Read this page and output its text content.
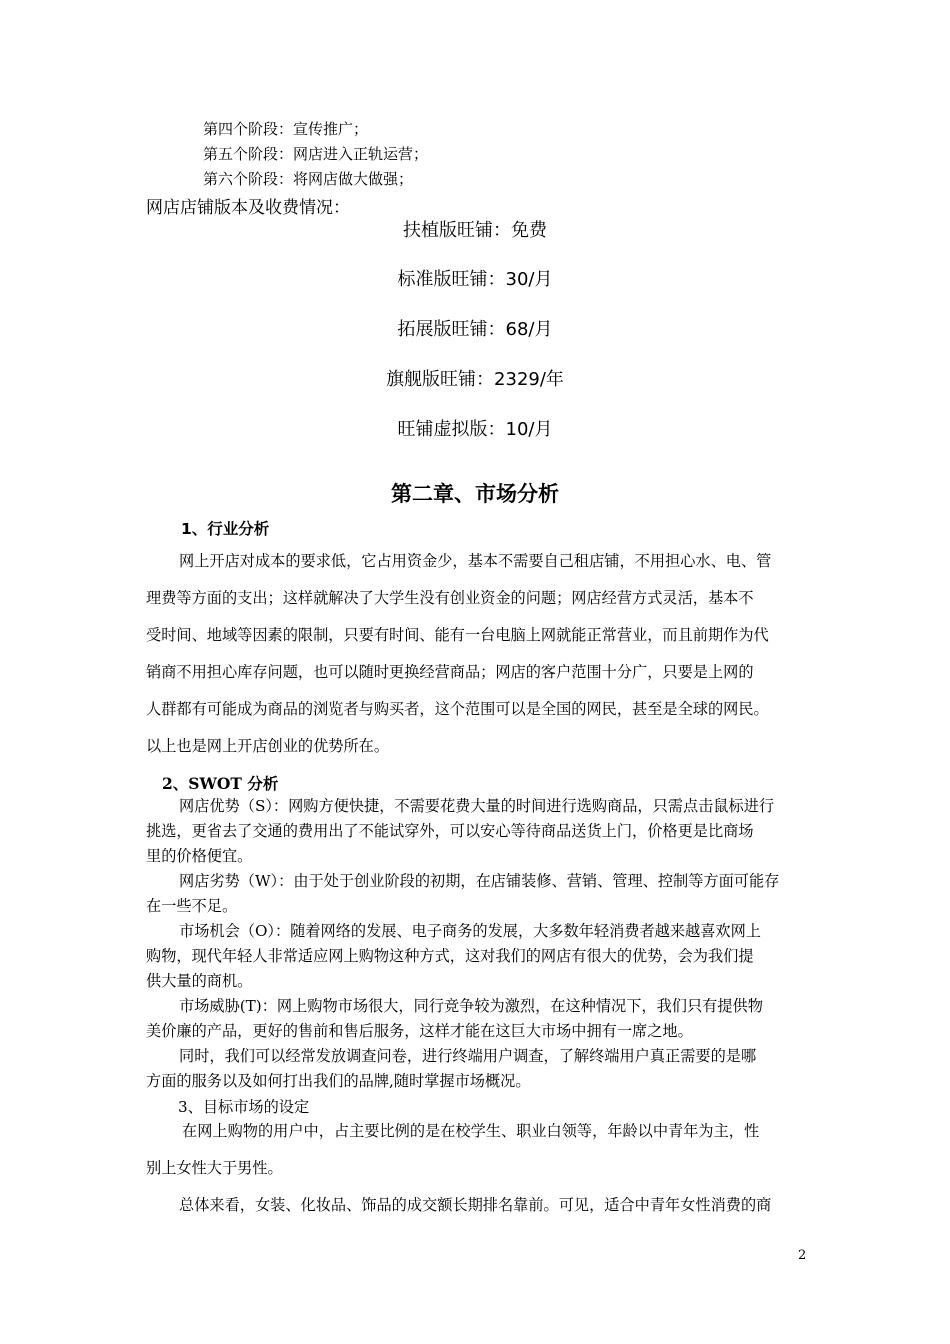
第四个阶段：宣传推广；
第五个阶段：网店进入正轨运营；
第六个阶段：将网店做大做强；
网店店铺版本及收费情况：
扶植版旺铺：免费
标准版旺铺：30/月
拓展版旺铺：68/月
旗舰版旺铺：2329/年
旺铺虚拟版：10/月
第二章、市场分析
1、行业分析
网上开店对成本的要求低，它占用资金少，基本不需要自己租店铺，不用担心水、电、管
理费等方面的支出；这样就解决了大学生没有创业资金的问题；网店经营方式灵活，基本不
受时间、地域等因素的限制，只要有时间、能有一台电脑上网就能正常营业，而且前期作为代
销商不用担心库存问题，也可以随时更换经营商品；网店的客户范围十分广，只要是上网的
人群都有可能成为商品的浏览者与购买者，这个范围可以是全国的网民，甚至是全球的网民。
以上也是网上开店创业的优势所在。
2、SWOT 分析
网店优势（S）：网购方便快捷，不需要花费大量的时间进行选购商品，只需点击鼠标进行
挑选，更省去了交通的费用出了不能试穿外，可以安心等待商品送货上门，价格更是比商场
里的价格便宜。
网店劣势（W）：由于处于创业阶段的初期，在店铺装修、营销、管理、控制等方面可能存
在一些不足。
市场机会（O）：随着网络的发展、电子商务的发展，大多数年轻消费者越来越喜欢网上
购物，现代年轻人非常适应网上购物这种方式，这对我们的网店有很大的优势，会为我们提
供大量的商机。
市场威胁(T)：网上购物市场很大，同行竞争较为激烈，在这种情况下，我们只有提供物
美价廉的产品，更好的售前和售后服务，这样才能在这巨大市场中拥有一席之地。
同时，我们可以经常发放调查问卷，进行终端用户调查，了解终端用户真正需要的是哪
方面的服务以及如何打出我们的品牌,随时掌握市场概况。
3、目标市场的设定
在网上购物的用户中，占主要比例的是在校学生、职业白领等，年龄以中青年为主，性
别上女性大于男性。
总体来看，女装、化妆品、饰品的成交额长期排名靠前。可见，适合中青年女性消费的商
2
